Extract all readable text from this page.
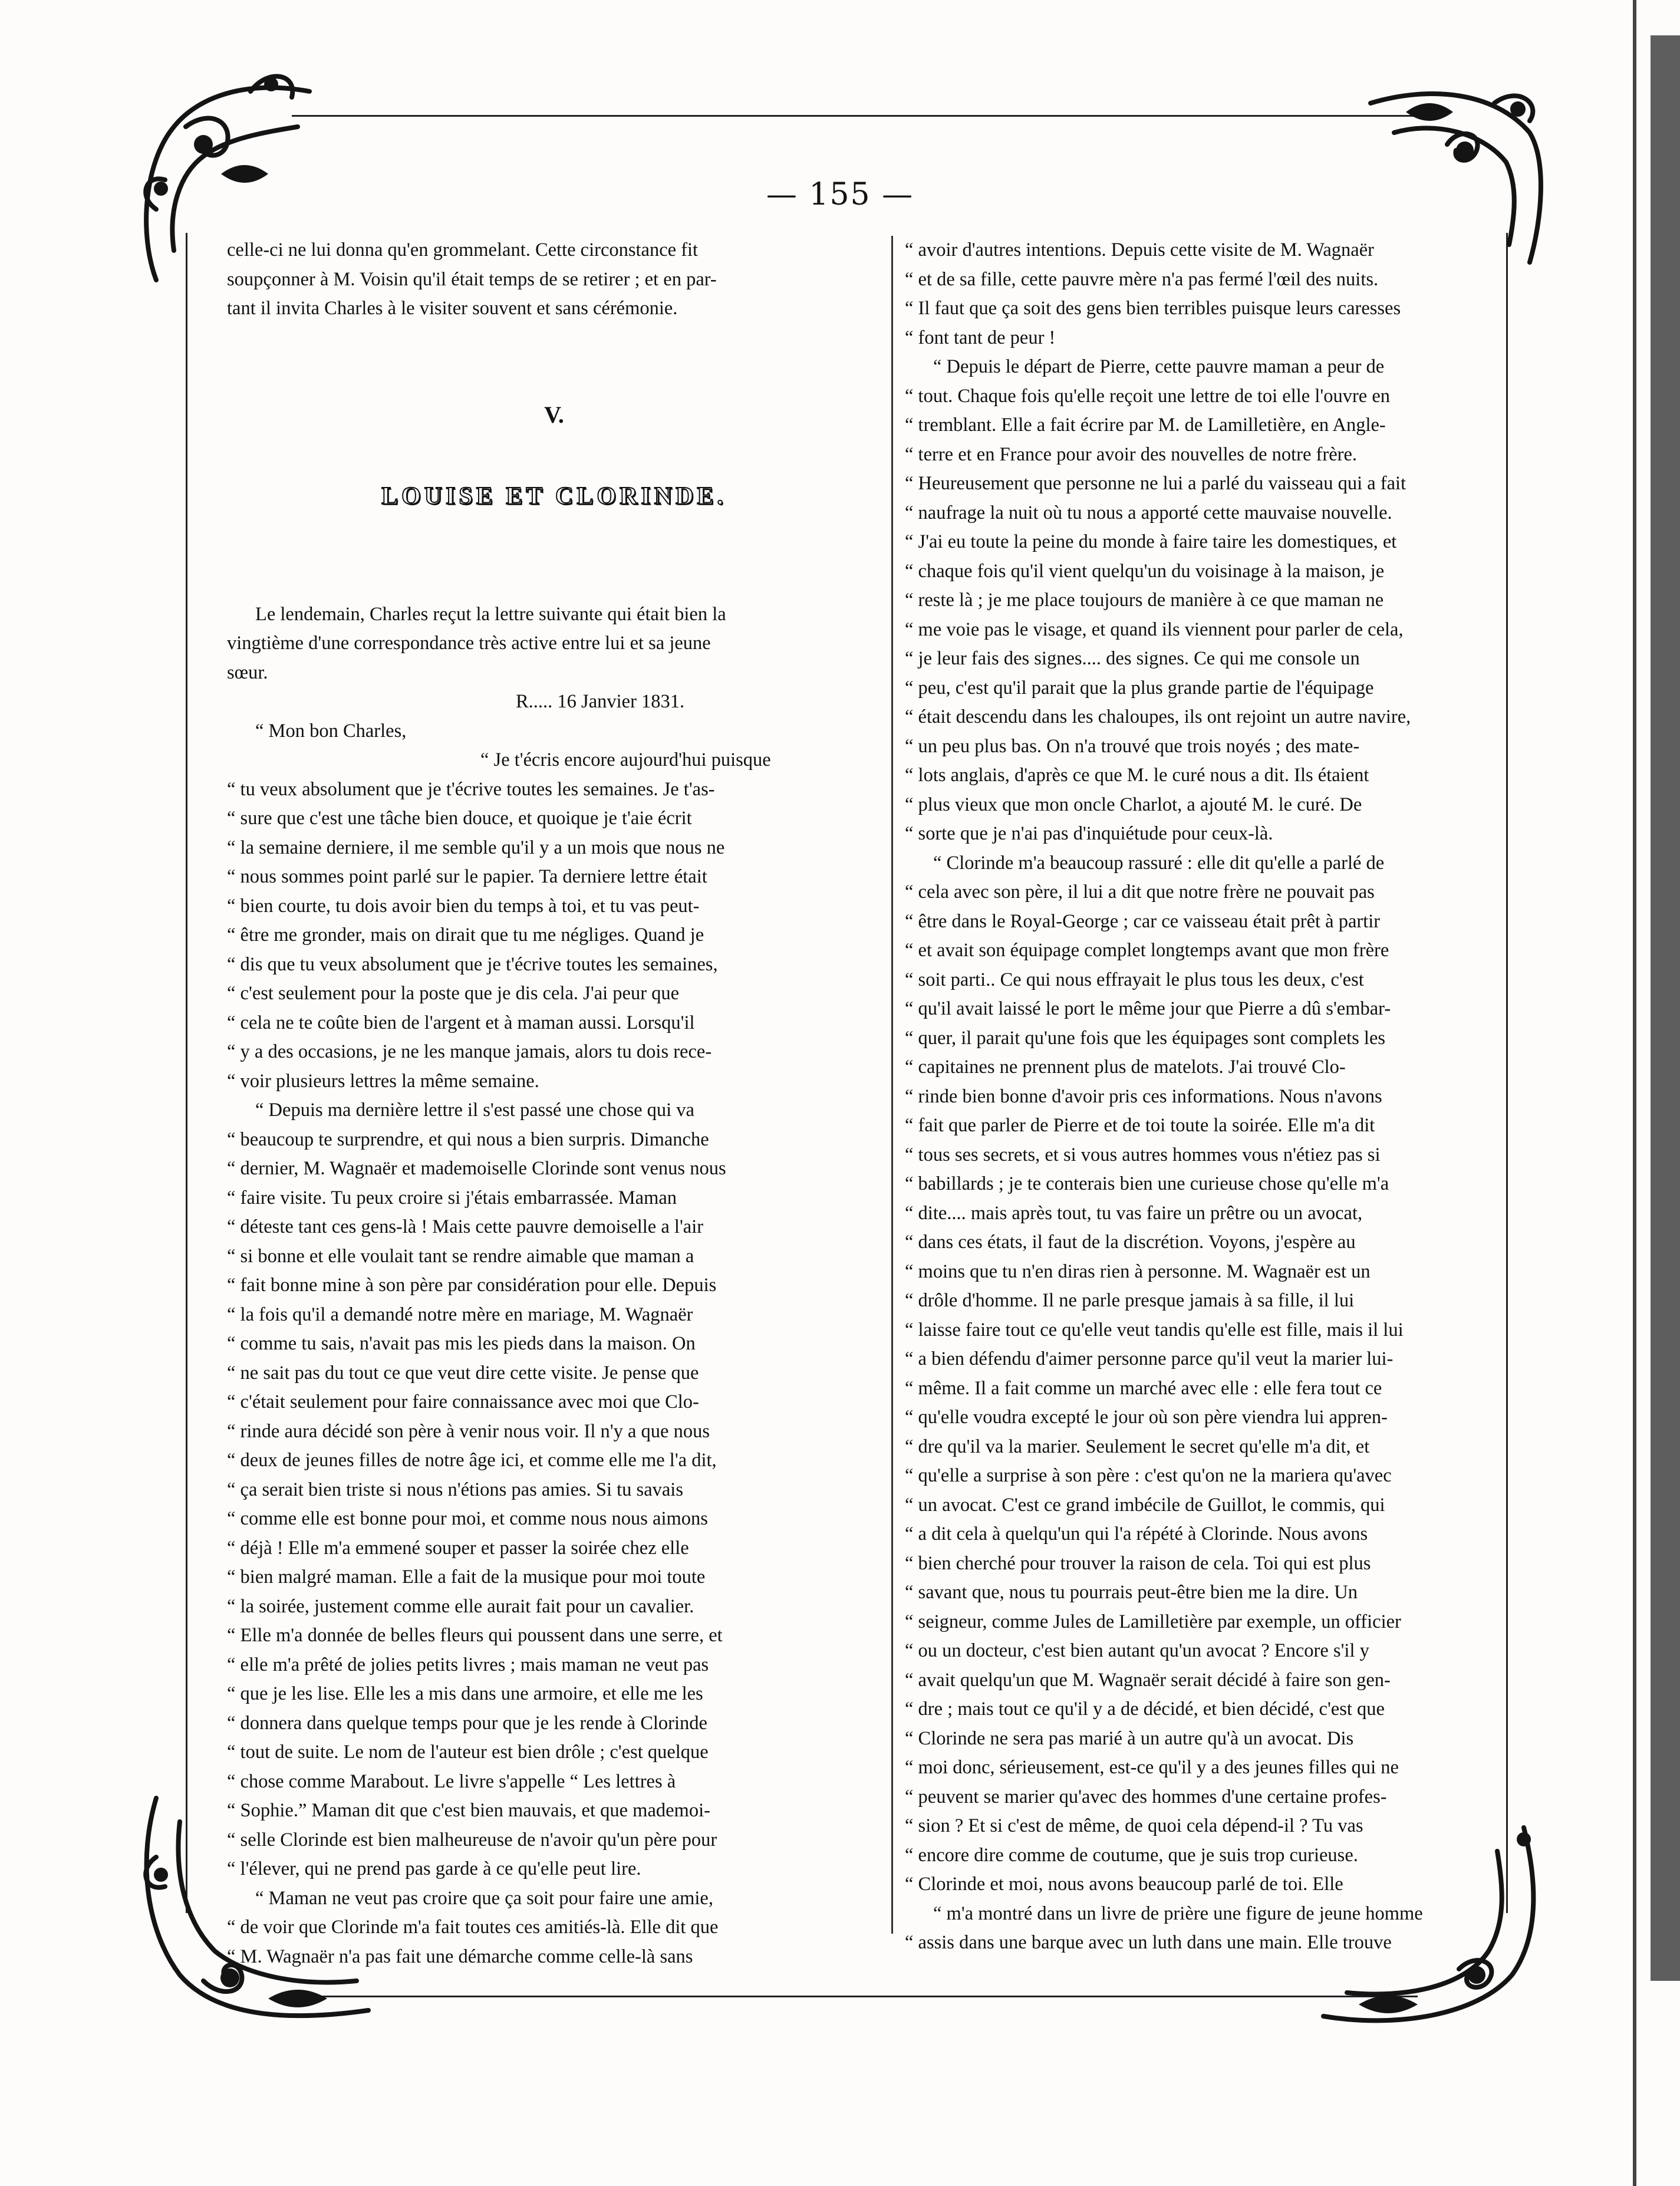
— 155 —
celle-ci ne lui donna qu'en grommelant. Cette circonstance fit
soupçonner à M. Voisin qu'il était temps de se retirer ; et en par-
tant il invita Charles à le visiter souvent et sans cérémonie.
V.
LOUISE ET CLORINDE.
Le lendemain, Charles reçut la lettre suivante qui était bien la
vingtième d'une correspondance très active entre lui et sa jeune
sœur.
R..... 16 Janvier 1831.
“ Mon bon Charles,
“ Je t'écris encore aujourd'hui puisque
“ tu veux absolument que je t'écrive toutes les semaines. Je t'as-
“ sure que c'est une tâche bien douce, et quoique je t'aie écrit
“ la semaine derniere, il me semble qu'il y a un mois que nous ne
“ nous sommes point parlé sur le papier. Ta derniere lettre était
“ bien courte, tu dois avoir bien du temps à toi, et tu vas peut-
“ être me gronder, mais on dirait que tu me négliges. Quand je
“ dis que tu veux absolument que je t'écrive toutes les semaines,
“ c'est seulement pour la poste que je dis cela. J'ai peur que
“ cela ne te coûte bien de l'argent et à maman aussi. Lorsqu'il
“ y a des occasions, je ne les manque jamais, alors tu dois rece-
“ voir plusieurs lettres la même semaine.
“ Depuis ma dernière lettre il s'est passé une chose qui va
“ beaucoup te surprendre, et qui nous a bien surpris. Dimanche
“ dernier, M. Wagnaër et mademoiselle Clorinde sont venus nous
“ faire visite. Tu peux croire si j'étais embarrassée. Maman
“ déteste tant ces gens-là ! Mais cette pauvre demoiselle a l'air
“ si bonne et elle voulait tant se rendre aimable que maman a
“ fait bonne mine à son père par considération pour elle. Depuis
“ la fois qu'il a demandé notre mère en mariage, M. Wagnaër
“ comme tu sais, n'avait pas mis les pieds dans la maison. On
“ ne sait pas du tout ce que veut dire cette visite. Je pense que
“ c'était seulement pour faire connaissance avec moi que Clo-
“ rinde aura décidé son père à venir nous voir. Il n'y a que nous
“ deux de jeunes filles de notre âge ici, et comme elle me l'a dit,
“ ça serait bien triste si nous n'étions pas amies. Si tu savais
“ comme elle est bonne pour moi, et comme nous nous aimons
“ déjà ! Elle m'a emmené souper et passer la soirée chez elle
“ bien malgré maman. Elle a fait de la musique pour moi toute
“ la soirée, justement comme elle aurait fait pour un cavalier.
“ Elle m'a donnée de belles fleurs qui poussent dans une serre, et
“ elle m'a prêté de jolies petits livres ; mais maman ne veut pas
“ que je les lise. Elle les a mis dans une armoire, et elle me les
“ donnera dans quelque temps pour que je les rende à Clorinde
“ tout de suite. Le nom de l'auteur est bien drôle ; c'est quelque
“ chose comme Marabout. Le livre s'appelle “ Les lettres à
“ Sophie.” Maman dit que c'est bien mauvais, et que mademoi-
“ selle Clorinde est bien malheureuse de n'avoir qu'un père pour
“ l'élever, qui ne prend pas garde à ce qu'elle peut lire.
“ Maman ne veut pas croire que ça soit pour faire une amie,
“ de voir que Clorinde m'a fait toutes ces amitiés-là. Elle dit que
“ M. Wagnaër n'a pas fait une démarche comme celle-là sans
“ avoir d'autres intentions. Depuis cette visite de M. Wagnaër
“ et de sa fille, cette pauvre mère n'a pas fermé l'œil des nuits.
“ Il faut que ça soit des gens bien terribles puisque leurs caresses
“ font tant de peur !
“ Depuis le départ de Pierre, cette pauvre maman a peur de
“ tout. Chaque fois qu'elle reçoit une lettre de toi elle l'ouvre en
“ tremblant. Elle a fait écrire par M. de Lamilletière, en Angle-
“ terre et en France pour avoir des nouvelles de notre frère.
“ Heureusement que personne ne lui a parlé du vaisseau qui a fait
“ naufrage la nuit où tu nous a apporté cette mauvaise nouvelle.
“ J'ai eu toute la peine du monde à faire taire les domestiques, et
“ chaque fois qu'il vient quelqu'un du voisinage à la maison, je
“ reste là ; je me place toujours de manière à ce que maman ne
“ me voie pas le visage, et quand ils viennent pour parler de cela,
“ je leur fais des signes.... des signes. Ce qui me console un
“ peu, c'est qu'il parait que la plus grande partie de l'équipage
“ était descendu dans les chaloupes, ils ont rejoint un autre navire,
“ un peu plus bas. On n'a trouvé que trois noyés ; des mate-
“ lots anglais, d'après ce que M. le curé nous a dit. Ils étaient
“ plus vieux que mon oncle Charlot, a ajouté M. le curé. De
“ sorte que je n'ai pas d'inquiétude pour ceux-là.
“ Clorinde m'a beaucoup rassuré : elle dit qu'elle a parlé de
“ cela avec son père, il lui a dit que notre frère ne pouvait pas
“ être dans le Royal-George ; car ce vaisseau était prêt à partir
“ et avait son équipage complet longtemps avant que mon frère
“ soit parti.. Ce qui nous effrayait le plus tous les deux, c'est
“ qu'il avait laissé le port le même jour que Pierre a dû s'embar-
“ quer, il parait qu'une fois que les équipages sont complets les
“ capitaines ne prennent plus de matelots. J'ai trouvé Clo-
“ rinde bien bonne d'avoir pris ces informations. Nous n'avons
“ fait que parler de Pierre et de toi toute la soirée. Elle m'a dit
“ tous ses secrets, et si vous autres hommes vous n'étiez pas si
“ babillards ; je te conterais bien une curieuse chose qu'elle m'a
“ dite.... mais après tout, tu vas faire un prêtre ou un avocat,
“ dans ces états, il faut de la discrétion. Voyons, j'espère au
“ moins que tu n'en diras rien à personne. M. Wagnaër est un
“ drôle d'homme. Il ne parle presque jamais à sa fille, il lui
“ laisse faire tout ce qu'elle veut tandis qu'elle est fille, mais il lui
“ a bien défendu d'aimer personne parce qu'il veut la marier lui-
“ même. Il a fait comme un marché avec elle : elle fera tout ce
“ qu'elle voudra excepté le jour où son père viendra lui appren-
“ dre qu'il va la marier. Seulement le secret qu'elle m'a dit, et
“ qu'elle a surprise à son père : c'est qu'on ne la mariera qu'avec
“ un avocat. C'est ce grand imbécile de Guillot, le commis, qui
“ a dit cela à quelqu'un qui l'a répété à Clorinde. Nous avons
“ bien cherché pour trouver la raison de cela. Toi qui est plus
“ savant que, nous tu pourrais peut-être bien me la dire. Un
“ seigneur, comme Jules de Lamilletière par exemple, un officier
“ ou un docteur, c'est bien autant qu'un avocat ? Encore s'il y
“ avait quelqu'un que M. Wagnaër serait décidé à faire son gen-
“ dre ; mais tout ce qu'il y a de décidé, et bien décidé, c'est que
“ Clorinde ne sera pas marié à un autre qu'à un avocat. Dis
“ moi donc, sérieusement, est-ce qu'il y a des jeunes filles qui ne
“ peuvent se marier qu'avec des hommes d'une certaine profes-
“ sion ? Et si c'est de même, de quoi cela dépend-il ? Tu vas
“ encore dire comme de coutume, que je suis trop curieuse.
“ Clorinde et moi, nous avons beaucoup parlé de toi. Elle
“ m'a montré dans un livre de prière une figure de jeune homme
“ assis dans une barque avec un luth dans une main. Elle trouve
